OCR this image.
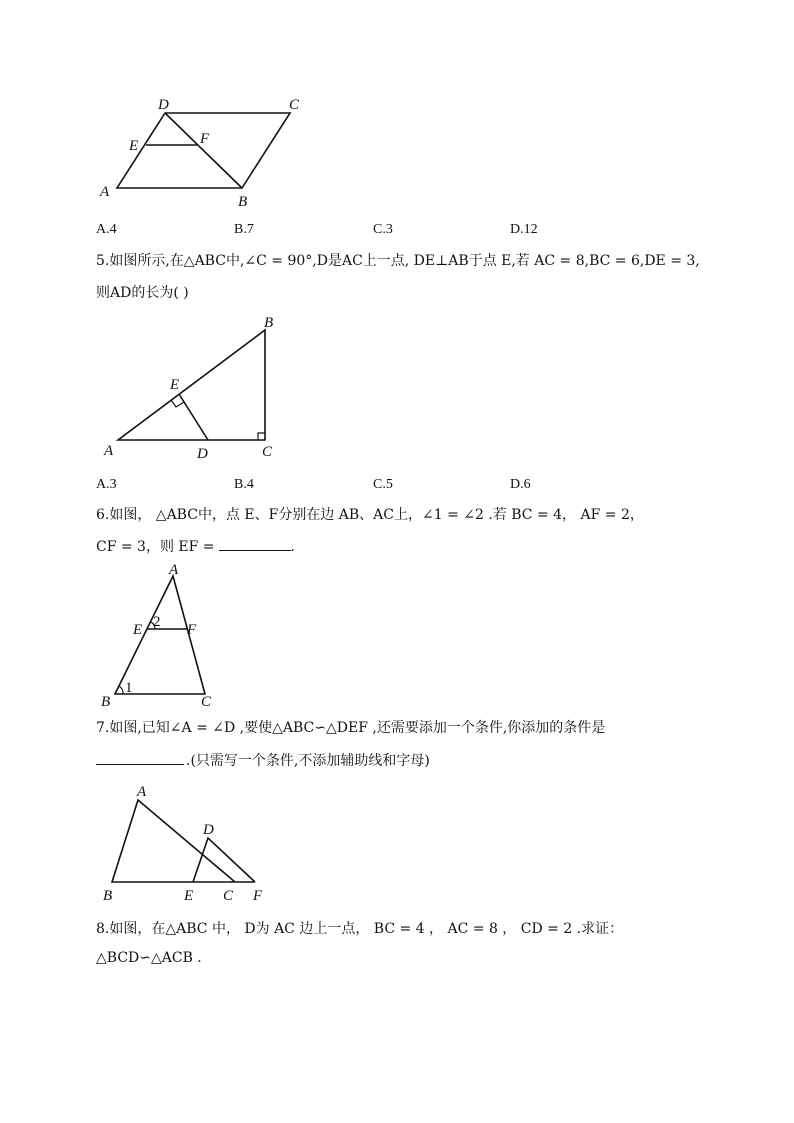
D	C
E	F
A
B
A.4	B.7	C.3	D.12
5.如图所示,在△ABC中,∠C = 90°,D是AC上一点, DE⊥AB于点 E,若 AC = 8,BC = 6,DE = 3,
则AD的长为( )
B
E
A	D	C
A.3	B.4	C.5	D.6
6.如图， △ABC中，点 E、F分别在边 AB、AC上，∠1 = ∠2 .若 BC = 4， AF = 2，
CF = 3，则 EF =	.
A
E 2 F
B
1
C
7.如图,已知∠A = ∠D ,要使△ABC∽△DEF ,还需要添加一个条件,你添加的条件是
.(只需写一个条件,不添加辅助线和字母)
A
D
B	E C F
8.如图，在△ABC 中， D为 AC 边上一点， BC = 4 ， AC = 8 ， CD = 2 .求证：
△BCD∽△ACB .
